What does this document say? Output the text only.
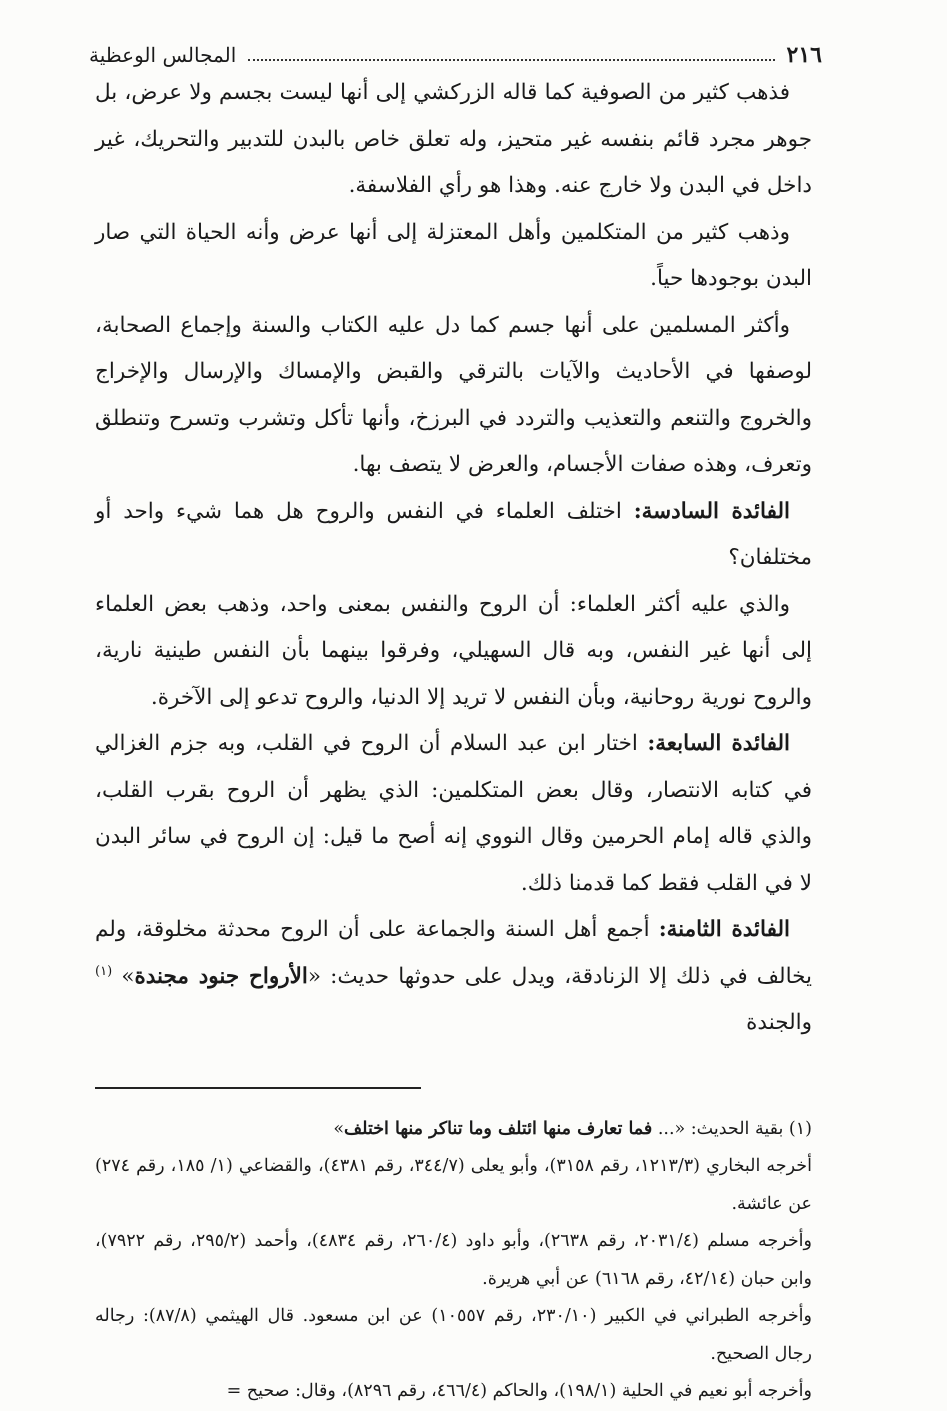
٢١٦
المجالس الوعظية

فذهب كثير من الصوفية كما قاله الزركشي إلى أنها ليست بجسم ولا عرض، بل جوهر مجرد قائم بنفسه غير متحيز، وله تعلق خاص بالبدن للتدبير والتحريك، غير داخل في البدن ولا خارج عنه. وهذا هو رأي الفلاسفة.

وذهب كثير من المتكلمين وأهل المعتزلة إلى أنها عرض وأنه الحياة التي صار البدن بوجودها حياً.

وأكثر المسلمين على أنها جسم كما دل عليه الكتاب والسنة وإجماع الصحابة، لوصفها في الأحاديث والآيات بالترقي والقبض والإمساك والإرسال والإخراج والخروج والتنعم والتعذيب والتردد في البرزخ، وأنها تأكل وتشرب وتسرح وتنطلق وتعرف، وهذه صفات الأجسام، والعرض لا يتصف بها.

الفائدة السادسة: اختلف العلماء في النفس والروح هل هما شيء واحد أو مختلفان؟

والذي عليه أكثر العلماء: أن الروح والنفس بمعنى واحد، وذهب بعض العلماء إلى أنها غير النفس، وبه قال السهيلي، وفرقوا بينهما بأن النفس طينية نارية، والروح نورية روحانية، وبأن النفس لا تريد إلا الدنيا، والروح تدعو إلى الآخرة.

الفائدة السابعة: اختار ابن عبد السلام أن الروح في القلب، وبه جزم الغزالي في كتابه الانتصار، وقال بعض المتكلمين: الذي يظهر أن الروح بقرب القلب، والذي قاله إمام الحرمين وقال النووي إنه أصح ما قيل: إن الروح في سائر البدن لا في القلب فقط كما قدمنا ذلك.

الفائدة الثامنة: أجمع أهل السنة والجماعة على أن الروح محدثة مخلوقة، ولم يخالف في ذلك إلا الزنادقة، ويدل على حدوثها حديث: «الأرواح جنود مجندة» $^{(١)}$ والجندة

(١) بقية الحديث: «... فما تعارف منها ائتلف وما تناكر منها اختلف»

أخرجه البخاري (١٢١٣/٣، رقم ٣١٥٨)، وأبو يعلى (٣٤٤/٧، رقم ٤٣٨١)، والقضاعي (١/ ١٨٥، رقم ٢٧٤) عن عائشة.

وأخرجه مسلم (٢٠٣١/٤، رقم ٢٦٣٨)، وأبو داود (٢٦٠/٤، رقم ٤٨٣٤)، وأحمد (٢٩٥/٢، رقم ٧٩٢٢)، وابن حبان (٤٢/١٤، رقم ٦١٦٨) عن أبي هريرة.

وأخرجه الطبراني في الكبير (٢٣٠/١٠، رقم ١٠٥٥٧) عن ابن مسعود. قال الهيثمي (٨٧/٨): رجاله رجال الصحيح.

وأخرجه أبو نعيم في الحلية (١٩٨/١)، والحاكم (٤٦٦/٤، رقم ٨٢٩٦)، وقال: صحيح =
